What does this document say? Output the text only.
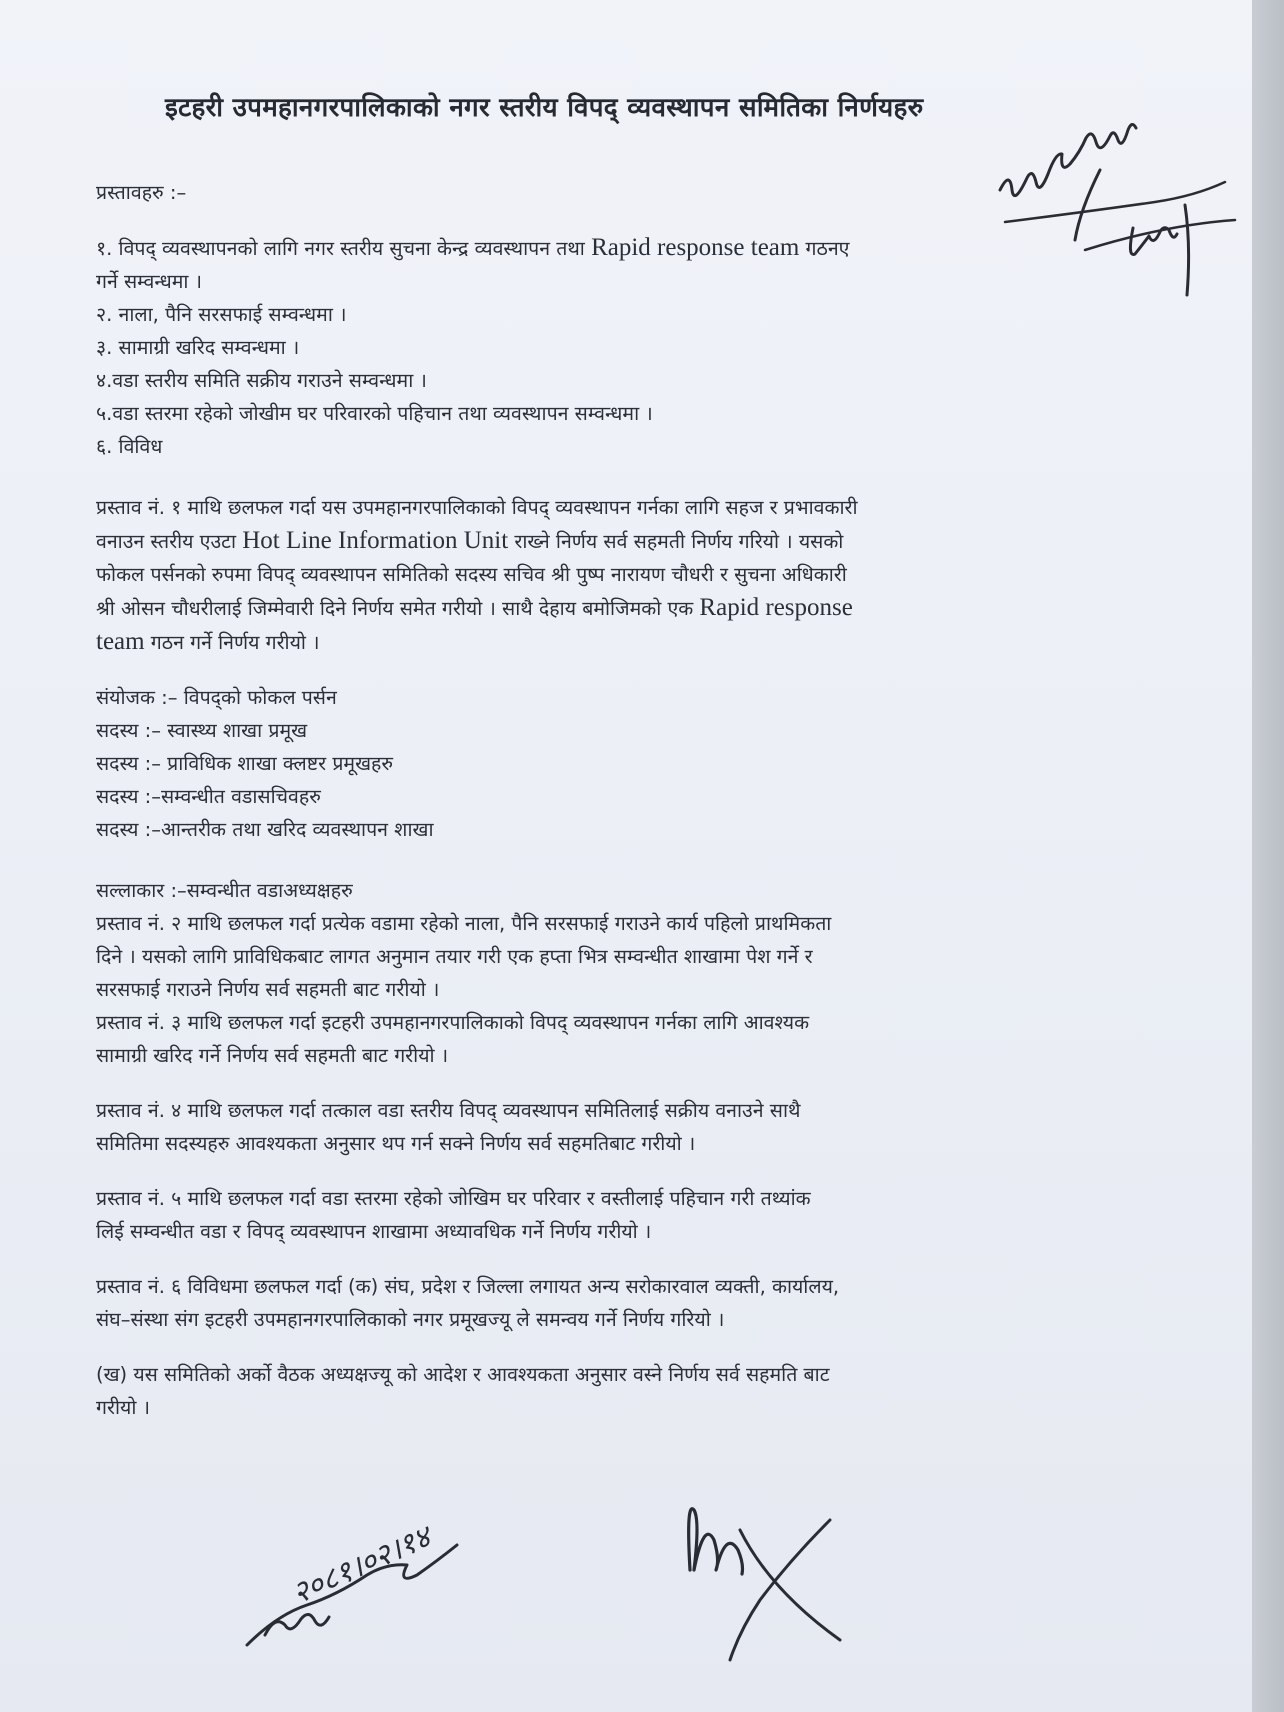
इटहरी उपमहानगरपालिकाको नगर स्तरीय विपद् व्यवस्थापन समितिका निर्णयहरु
प्रस्तावहरु :–
१. विपद् व्यवस्थापनको लागि नगर स्तरीय सुचना केन्द्र व्यवस्थापन तथा Rapid response team गठनए
गर्ने सम्वन्धमा ।
२. नाला, पैनि सरसफाई सम्वन्धमा ।
३. सामाग्री खरिद सम्वन्धमा ।
४.वडा स्तरीय समिति सक्रीय गराउने सम्वन्धमा ।
५.वडा स्तरमा रहेको जोखीम घर परिवारको पहिचान तथा व्यवस्थापन सम्वन्धमा ।
६. विविध
प्रस्ताव नं. १ माथि छलफल गर्दा यस उपमहानगरपालिकाको विपद् व्यवस्थापन गर्नका लागि सहज र प्रभावकारी
वनाउन स्तरीय एउटा Hot Line Information Unit राख्ने निर्णय सर्व सहमती निर्णय गरियो । यसको
फोकल पर्सनको रुपमा विपद् व्यवस्थापन समितिको सदस्य सचिव श्री पुष्प नारायण चौधरी र सुचना अधिकारी
श्री ओसन चौधरीलाई जिम्मेवारी दिने निर्णय समेत गरीयो । साथै देहाय बमोजिमको एक Rapid response
team गठन गर्ने निर्णय गरीयो ।
संयोजक :– विपद्को फोकल पर्सन
सदस्य :– स्वास्थ्य शाखा प्रमूख
सदस्य :– प्राविधिक शाखा क्लष्टर प्रमूखहरु
सदस्य :–सम्वन्धीत वडासचिवहरु
सदस्य :–आन्तरीक तथा खरिद व्यवस्थापन शाखा
सल्लाकार :–सम्वन्धीत वडाअध्यक्षहरु
प्रस्ताव नं. २ माथि छलफल गर्दा प्रत्येक वडामा रहेको नाला, पैनि सरसफाई गराउने कार्य पहिलो प्राथमिकता
दिने । यसको लागि प्राविधिकबाट लागत अनुमान तयार गरी एक हप्ता भित्र सम्वन्धीत शाखामा पेश गर्ने र
सरसफाई गराउने निर्णय सर्व सहमती बाट गरीयो ।
प्रस्ताव नं. ३ माथि छलफल गर्दा इटहरी उपमहानगरपालिकाको विपद् व्यवस्थापन गर्नका लागि आवश्यक
सामाग्री खरिद गर्ने निर्णय सर्व सहमती बाट गरीयो ।
प्रस्ताव नं. ४ माथि छलफल गर्दा तत्काल वडा स्तरीय विपद् व्यवस्थापन समितिलाई सक्रीय वनाउने साथै
समितिमा सदस्यहरु आवश्यकता अनुसार थप गर्न सक्ने निर्णय सर्व सहमतिबाट गरीयो ।
प्रस्ताव नं. ५ माथि छलफल गर्दा वडा स्तरमा रहेको जोखिम घर परिवार र वस्तीलाई पहिचान गरी तथ्यांक
लिई सम्वन्धीत वडा र विपद् व्यवस्थापन शाखामा अध्यावधिक गर्ने निर्णय गरीयो ।
प्रस्ताव नं. ६ विविधमा छलफल गर्दा (क) संघ, प्रदेश र जिल्ला लगायत अन्य सरोकारवाल व्यक्ती, कार्यालय,
संघ–संस्था संग इटहरी उपमहानगरपालिकाको नगर प्रमूखज्यू ले समन्वय गर्ने निर्णय गरियो ।
(ख) यस समितिको अर्को वैठक अध्यक्षज्यू को आदेश र आवश्यकता अनुसार वस्ने निर्णय सर्व सहमति बाट
गरीयो ।
२०८१।०२।१४
